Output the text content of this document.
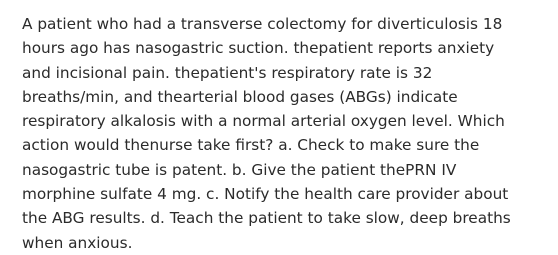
A patient who had a transverse colectomy for diverticulosis 18

hours ago has nasogastric suction. thepatient reports anxiety

and incisional pain. thepatient's respiratory rate is 32

breaths/min, and thearterial blood gases (ABGs) indicate

respiratory alkalosis with a normal arterial oxygen level. Which

action would thenurse take first? a. Check to make sure the

nasogastric tube is patent. b. Give the patient thePRN IV

morphine sulfate 4 mg. c. Notify the health care provider about

the ABG results. d. Teach the patient to take slow, deep breaths

when anxious.
